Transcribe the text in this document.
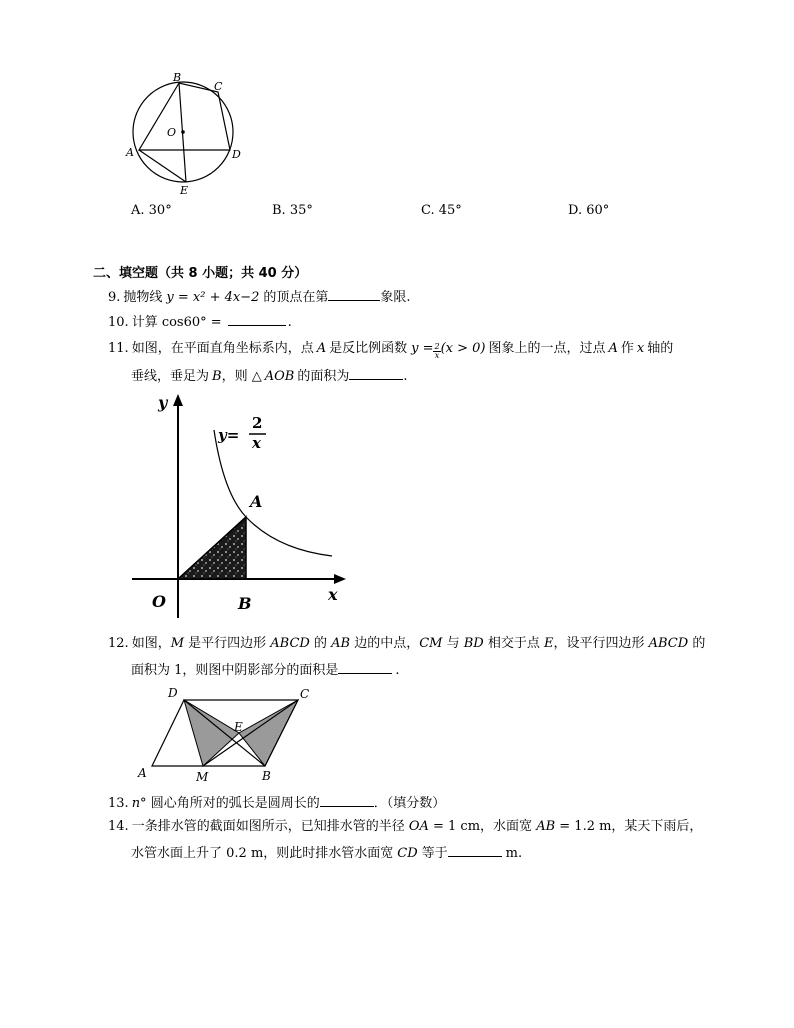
B
C
O
A	D
E
A. 30°	B. 35°	C. 45°	D. 60°
二、填空题（共 8 小题；共 40 分）
9. 抛物线 y = x² + 4x−2 的顶点在第	象限.
10. 计算 cos60° =	.
11. 如图，在平面直角坐标系内，点 A 是反比例函数 $y = \frac{2}{x} (x > 0)$ 图象上的一点，过点 A 作 x 轴的
垂线，垂足为 B ，则 △ AOB 的面积为	.
y
y=
2
x
A
O	B	x
12. 如图， M 是平行四边形 ABCD 的 AB 边的中点， CM 与 BD 相交于点 E ，设平行四边形 ABCD 的
面积为 1，则图中阴影部分的面积是	.
D	C
E
A	M	B
13. n° 圆心角所对的弧长是圆周长的	．（填分数）
14. 一条排水管的截面如图所示，已知排水管的半径 OA = 1 cm，水面宽 AB = 1.2 m，某天下雨后，
水管水面上升了 0.2 m，则此时排水管水面宽 CD 等于	m.
